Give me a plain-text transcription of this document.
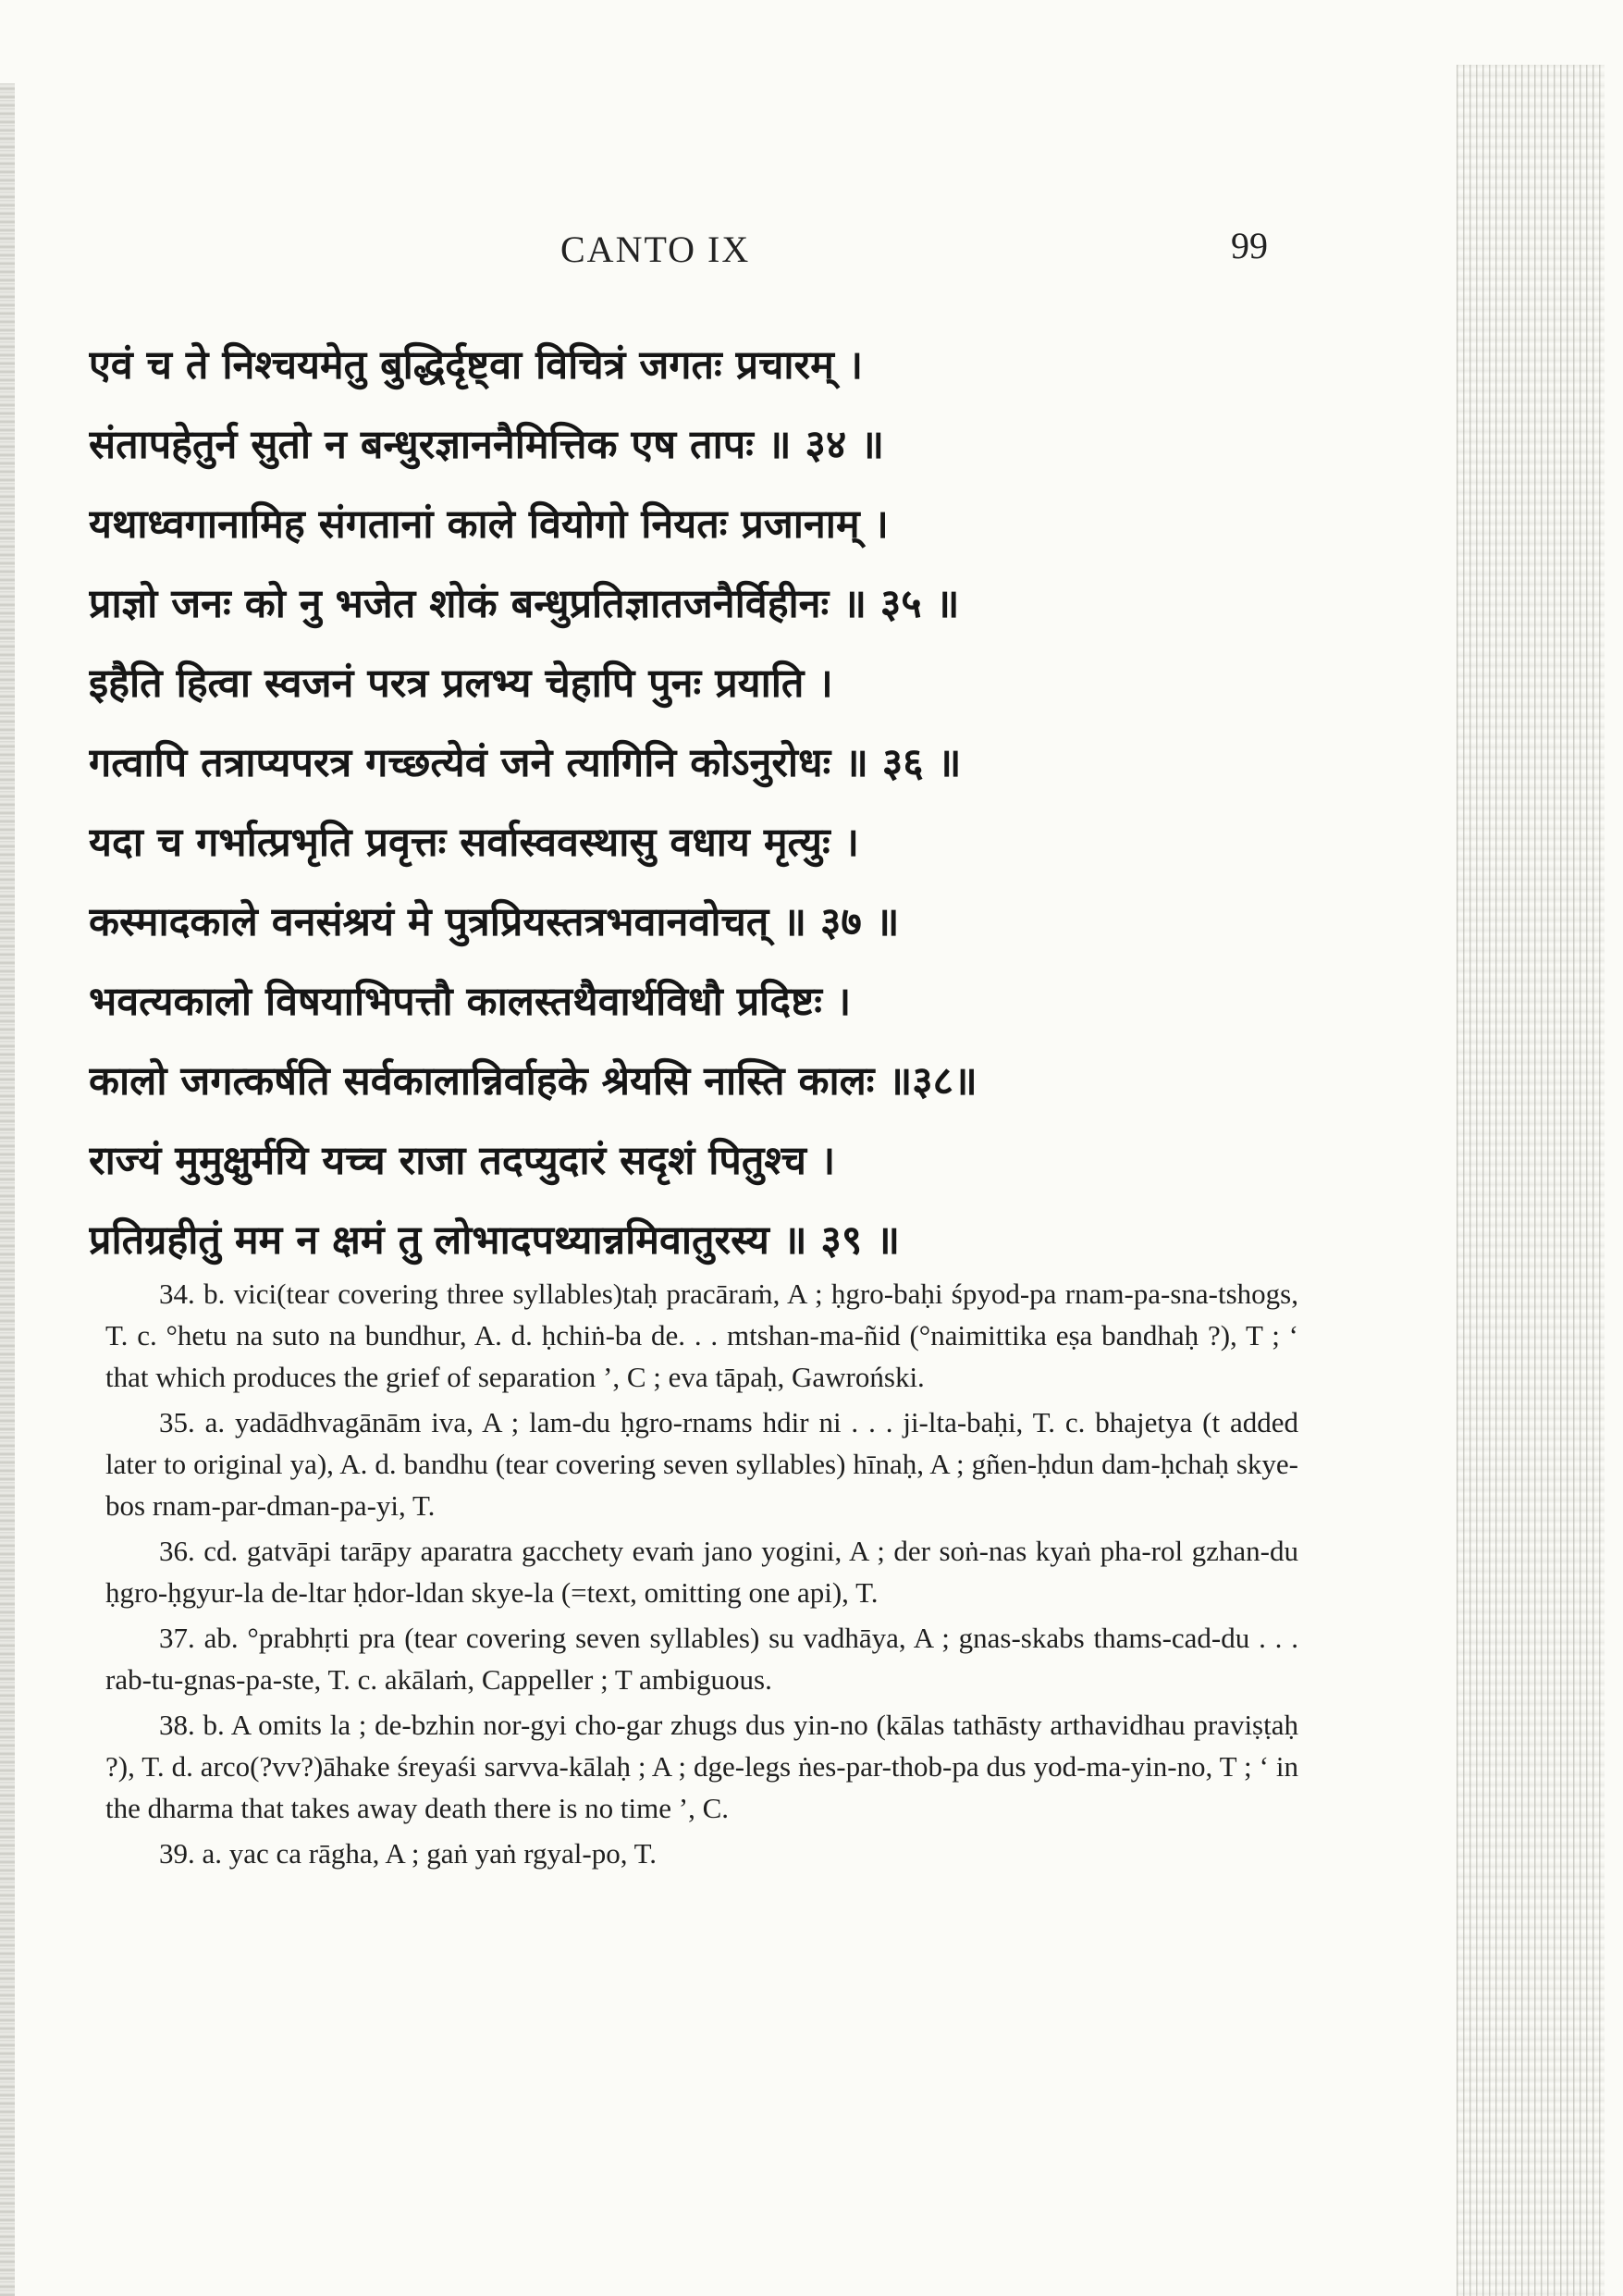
CANTO IX	99
एवं च ते निश्चयमेतु बुद्धिर्दृष्ट्वा विचित्रं जगतः प्रचारम् ।
संतापहेतुर्न सुतो न बन्धुरज्ञाननैमित्तिक एष तापः ॥ ३४ ॥
यथाध्वगानामिह संगतानां काले वियोगो नियतः प्रजानाम् ।
प्राज्ञो जनः को नु भजेत शोकं बन्धुप्रतिज्ञातजनैर्विहीनः ॥ ३५ ॥
इहैति हित्वा स्वजनं परत्र प्रलभ्य चेहापि पुनः प्रयाति ।
गत्वापि तत्राप्यपरत्र गच्छत्येवं जने त्यागिनि कोऽनुरोधः ॥ ३६ ॥
यदा च गर्भात्प्रभृति प्रवृत्तः सर्वास्ववस्थासु वधाय मृत्युः ।
कस्मादकाले वनसंश्रयं मे पुत्रप्रियस्तत्रभवानवोचत् ॥ ३७ ॥
भवत्यकालो विषयाभिपत्तौ कालस्तथैवार्थविधौ प्रदिष्टः ।
कालो जगत्कर्षति सर्वकालान्निर्वाहके श्रेयसि नास्ति कालः ॥३८॥
राज्यं मुमुक्षुर्मयि यच्च राजा तदप्युदारं सदृशं पितुश्च ।
प्रतिग्रहीतुं मम न क्षमं तु लोभादपथ्यान्नमिवातुरस्य ॥ ३९ ॥

34. b. vici(tear covering three syllables)taḥ pracāraṁ, A ; ḥgro-baḥi śpyod-pa rnam-pa-sna-tshogs, T. c. °hetu na suto na bundhur, A. d. ḥchiṅ-ba de. . . mtshan-ma-ñid (°naimittika eṣa bandhaḥ ?), T ; ‘ that which produces the grief of separation ’, C ; eva tāpaḥ, Gawroński.

35. a. yadādhvagānām iva, A ; lam-du ḥgro-rnams hdir ni . . . ji-lta-baḥi, T. c. bhajetya (t added later to original ya), A. d. bandhu (tear covering seven syllables) hīnaḥ, A ; gñen-ḥdun dam-ḥchaḥ skye-bos rnam-par-dman-pa-yi, T.

36. cd. gatvāpi tarāpy aparatra gacchety evaṁ jano yogini, A ; der soṅ-nas kyaṅ pha-rol gzhan-du ḥgro-ḥgyur-la de-ltar ḥdor-ldan skye-la (=text, omitting one api), T.

37. ab. °prabhṛti pra (tear covering seven syllables) su vadhāya, A ; gnas-skabs thams-cad-du . . . rab-tu-gnas-pa-ste, T. c. akālaṁ, Cappeller ; T ambiguous.

38. b. A omits la ; de-bzhin nor-gyi cho-gar zhugs dus yin-no (kālas tathāsty arthavidhau praviṣṭaḥ ?), T. d. arco(?vv?)āhake śreyaśi sarvva-kālaḥ ; A ; dge-legs ṅes-par-thob-pa dus yod-ma-yin-no, T ; ‘ in the dharma that takes away death there is no time ’, C.

39. a. yac ca rāgha, A ; gaṅ yaṅ rgyal-po, T.
